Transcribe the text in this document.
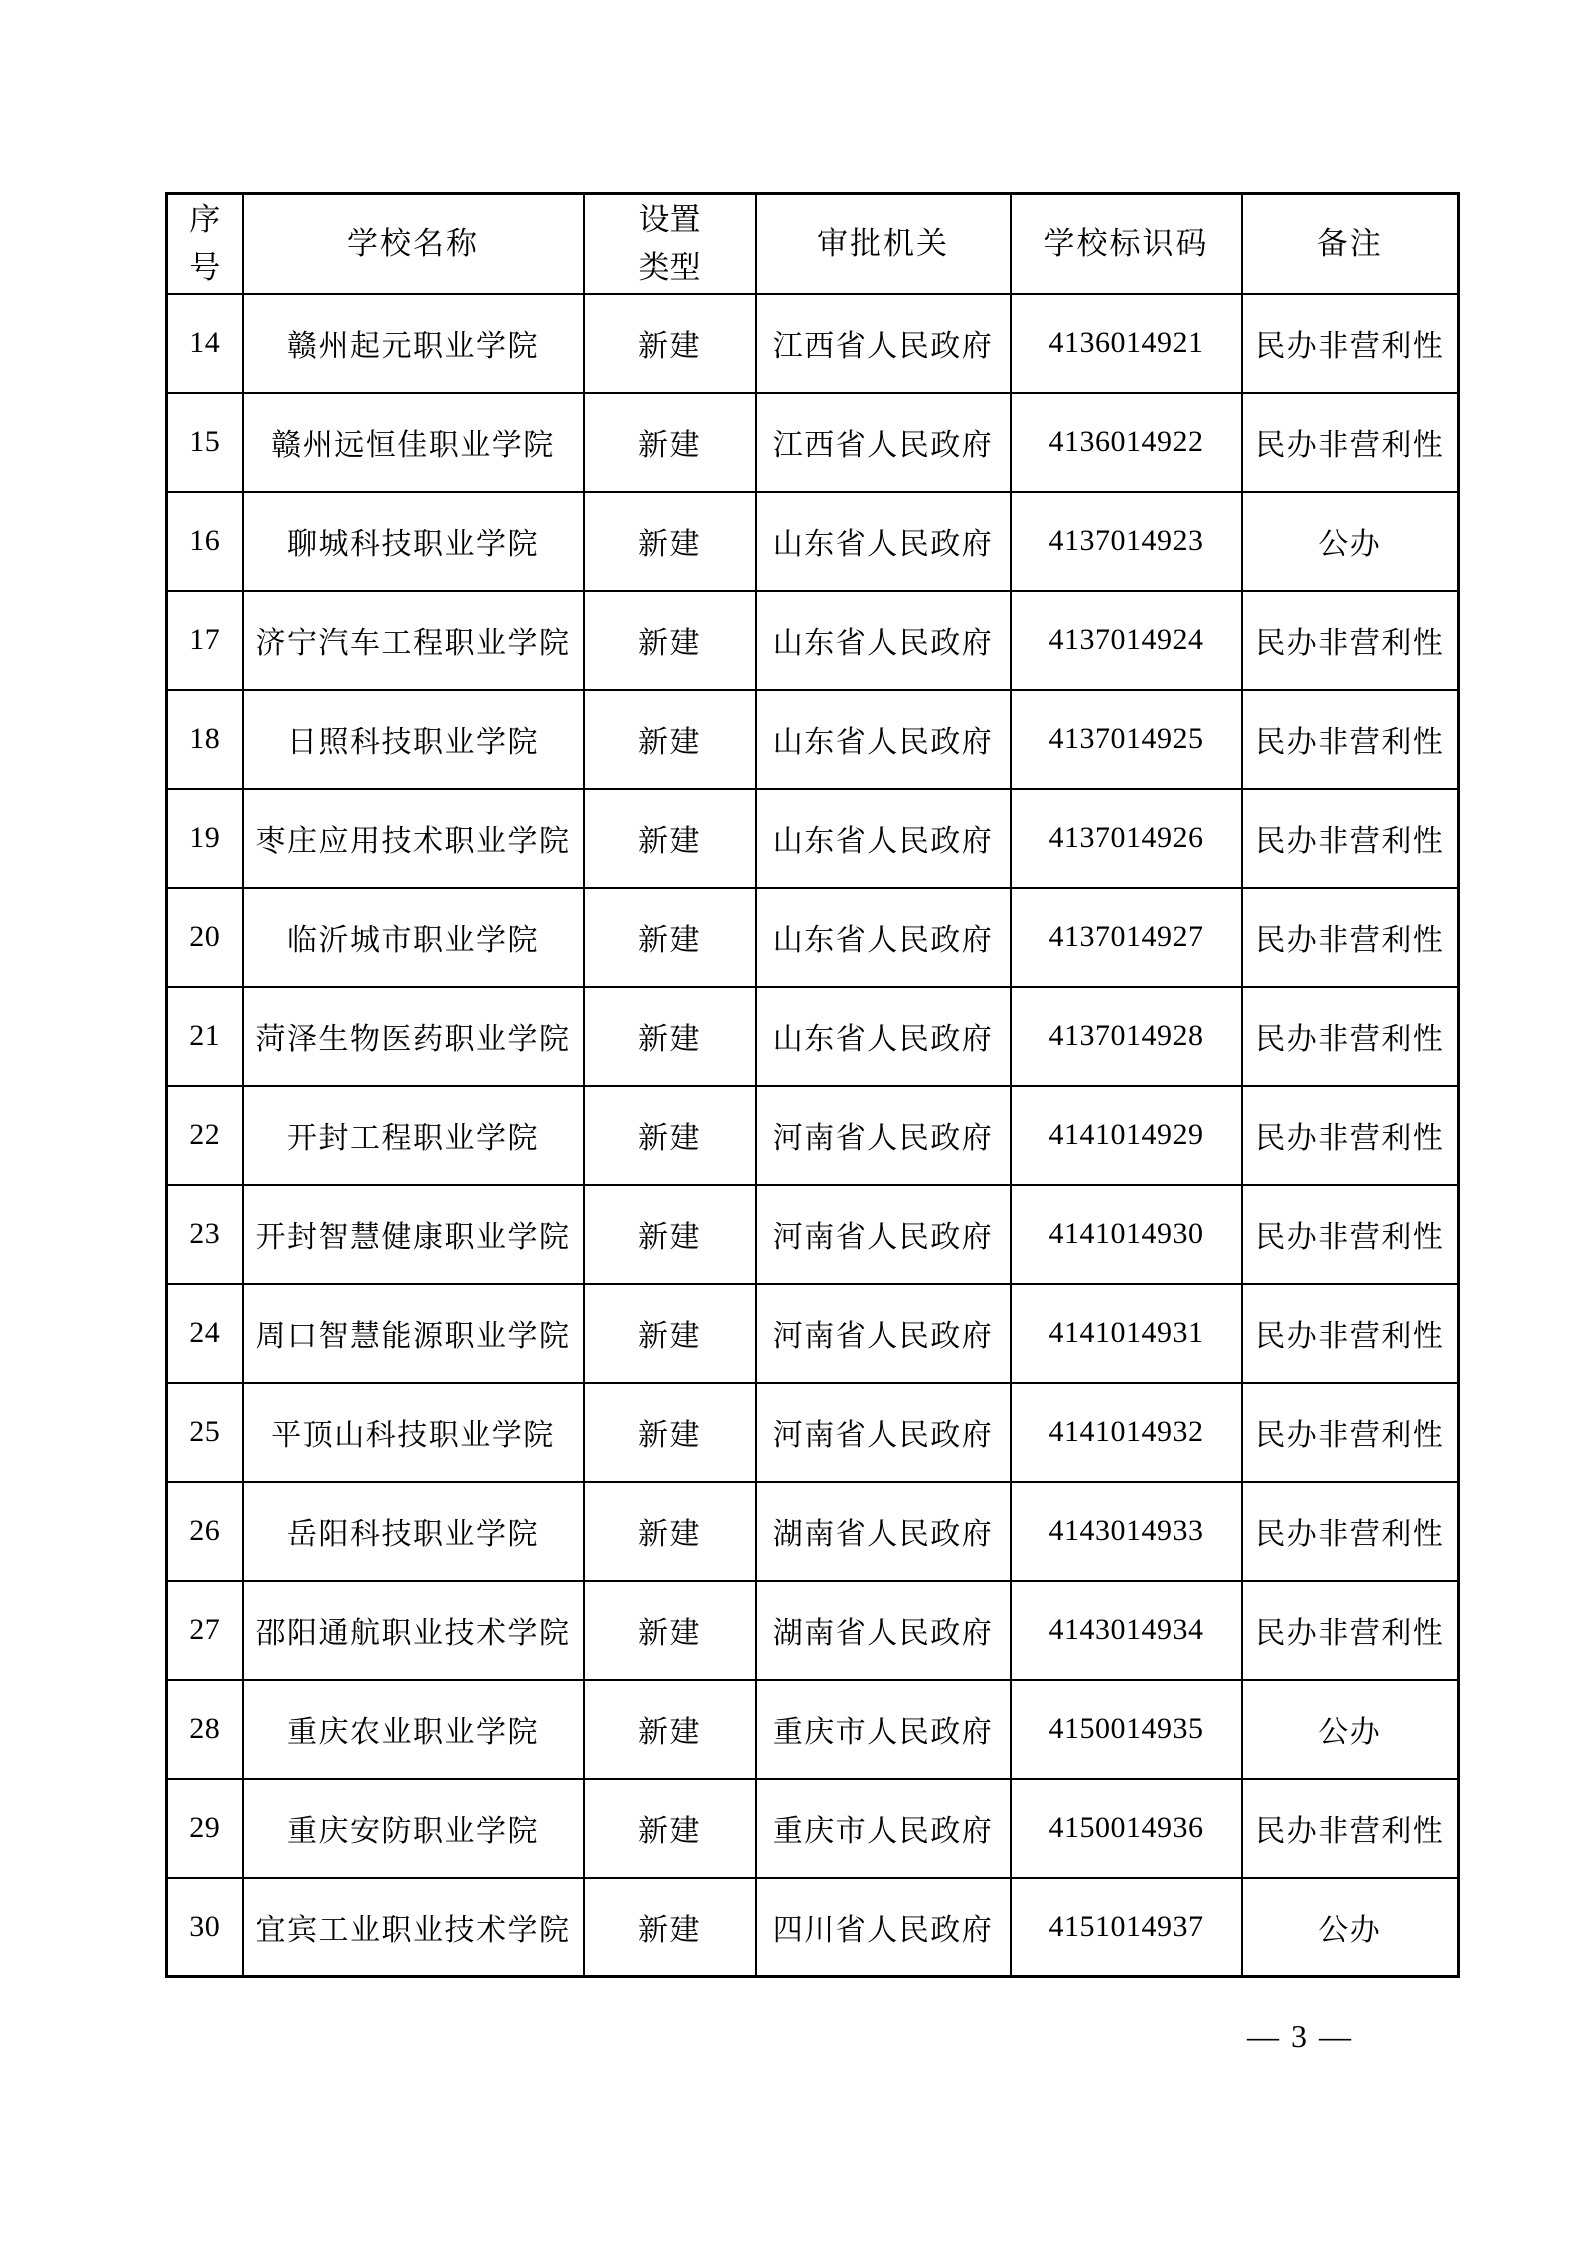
序号	学校名称	设置类型	审批机关	学校标识码	备注
14	赣州起元职业学院	新建	江西省人民政府	4136014921	民办非营利性
15	赣州远恒佳职业学院	新建	江西省人民政府	4136014922	民办非营利性
16	聊城科技职业学院	新建	山东省人民政府	4137014923	公办
17	济宁汽车工程职业学院	新建	山东省人民政府	4137014924	民办非营利性
18	日照科技职业学院	新建	山东省人民政府	4137014925	民办非营利性
19	枣庄应用技术职业学院	新建	山东省人民政府	4137014926	民办非营利性
20	临沂城市职业学院	新建	山东省人民政府	4137014927	民办非营利性
21	菏泽生物医药职业学院	新建	山东省人民政府	4137014928	民办非营利性
22	开封工程职业学院	新建	河南省人民政府	4141014929	民办非营利性
23	开封智慧健康职业学院	新建	河南省人民政府	4141014930	民办非营利性
24	周口智慧能源职业学院	新建	河南省人民政府	4141014931	民办非营利性
25	平顶山科技职业学院	新建	河南省人民政府	4141014932	民办非营利性
26	岳阳科技职业学院	新建	湖南省人民政府	4143014933	民办非营利性
27	邵阳通航职业技术学院	新建	湖南省人民政府	4143014934	民办非营利性
28	重庆农业职业学院	新建	重庆市人民政府	4150014935	公办
29	重庆安防职业学院	新建	重庆市人民政府	4150014936	民办非营利性
30	宜宾工业职业技术学院	新建	四川省人民政府	4151014937	公办
— 3 —
